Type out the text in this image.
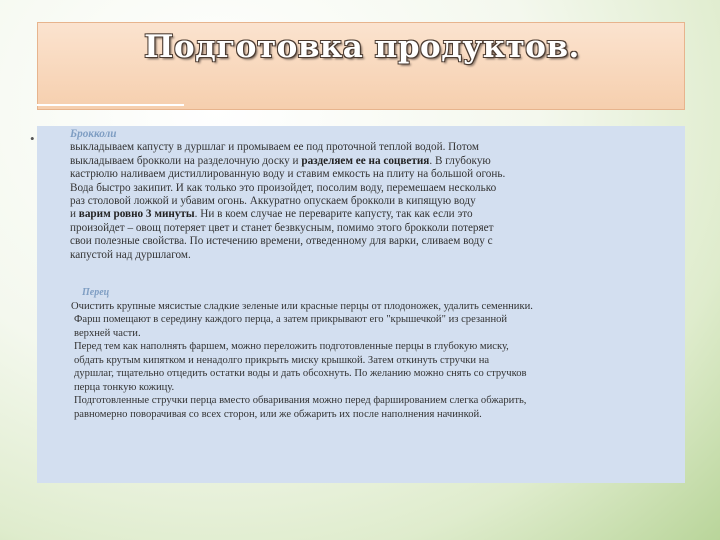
Подготовка продуктов.
•	Брокколи
выкладываем капусту в дуршлаг и промываем ее под проточной теплой водой. Потом
выкладываем брокколи на разделочную доску и разделяем ее на соцветия. В глубокую
кастрюлю наливаем дистиллированную воду и ставим емкость на плиту на большой огонь.
Вода быстро закипит. И как только это произойдет, посолим воду, перемешаем несколько
раз столовой ложкой и убавим огонь. Аккуратно опускаем брокколи в кипящую воду
и варим ровно 3 минуты. Ни в коем случае не переварите капусту, так как если это
произойдет – овощ потеряет цвет и станет безвкусным, помимо этого брокколи потеряет
свои полезные свойства. По истечению времени, отведенному для варки, сливаем воду с
капустой над дуршлагом.
Перец
Очистить крупные мясистые сладкие зеленые или красные перцы от плодоножек, удалить семенники.
Фарш помещают в середину каждого перца, а затем прикрывают его "крышечкой" из срезанной
верхней части.
Перед тем как наполнять фаршем, можно переложить подготовленные перцы в глубокую миску,
обдать крутым кипятком и ненадолго прикрыть миску крышкой. Затем откинуть стручки на
дуршлаг, тщательно отцедить остатки воды и дать обсохнуть. По желанию можно снять со стручков
перца тонкую кожицу.
Подготовленные стручки перца вместо обваривания можно перед фаршированием слегка обжарить,
равномерно поворачивая со всех сторон, или же обжарить их после наполнения начинкой.
